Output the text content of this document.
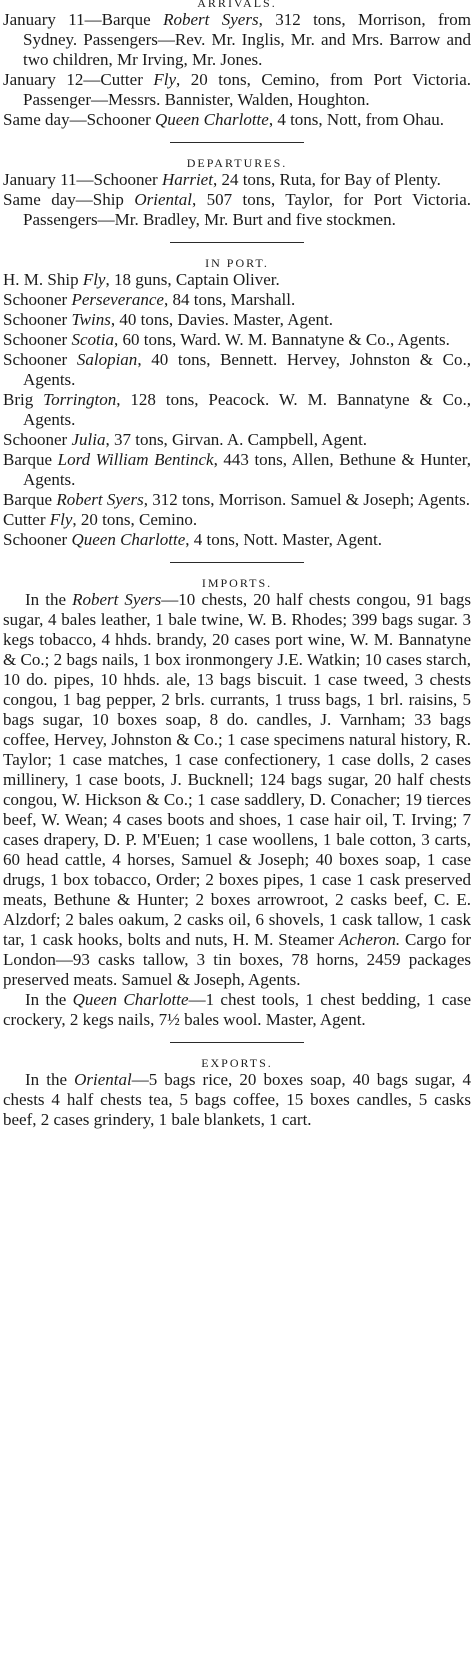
ARRIVALS.

January 11—Barque Robert Syers, 312 tons, Morrison, from Sydney. Passengers—Rev. Mr. Inglis, Mr. and Mrs. Barrow and two children, Mr Irving, Mr. Jones.

January 12—Cutter Fly, 20 tons, Cemino, from Port Victoria. Passenger—Messrs. Bannister, Walden, Houghton.

Same day—Schooner Queen Charlotte, 4 tons, Nott, from Ohau.

DEPARTURES.

January 11—Schooner Harriet, 24 tons, Ruta, for Bay of Plenty.

Same day—Ship Oriental, 507 tons, Taylor, for Port Victoria. Passengers—Mr. Bradley, Mr. Burt and five stockmen.

IN PORT.

H. M. Ship Fly, 18 guns, Captain Oliver.

Schooner Perseverance, 84 tons, Marshall.

Schooner Twins, 40 tons, Davies. Master, Agent.

Schooner Scotia, 60 tons, Ward. W. M. Bannatyne & Co., Agents.

Schooner Salopian, 40 tons, Bennett. Hervey, Johnston & Co., Agents.

Brig Torrington, 128 tons, Peacock. W. M. Bannatyne & Co., Agents.

Schooner Julia, 37 tons, Girvan. A. Campbell, Agent.

Barque Lord William Bentinck, 443 tons, Allen, Bethune & Hunter, Agents.

Barque Robert Syers, 312 tons, Morrison. Samuel & Joseph; Agents.

Cutter Fly, 20 tons, Cemino.

Schooner Queen Charlotte, 4 tons, Nott. Master, Agent.

IMPORTS.

In the Robert Syers—10 chests, 20 half chests congou, 91 bags sugar, 4 bales leather, 1 bale twine, W. B. Rhodes; 399 bags sugar. 3 kegs tobacco, 4 hhds. brandy, 20 cases port wine, W. M. Bannatyne & Co.; 2 bags nails, 1 box ironmongery J.E. Watkin; 10 cases starch, 10 do. pipes, 10 hhds. ale, 13 bags biscuit. 1 case tweed, 3 chests congou, 1 bag pepper, 2 brls. currants, 1 truss bags, 1 brl. raisins, 5 bags sugar, 10 boxes soap, 8 do. candles, J. Varnham; 33 bags coffee, Hervey, Johnston & Co.; 1 case specimens natural history, R. Taylor; 1 case matches, 1 case confectionery, 1 case dolls, 2 cases millinery, 1 case boots, J. Bucknell; 124 bags sugar, 20 half chests congou, W. Hickson & Co.; 1 case saddlery, D. Conacher; 19 tierces beef, W. Wean; 4 cases boots and shoes, 1 case hair oil, T. Irving; 7 cases drapery, D. P. M'Euen; 1 case woollens, 1 bale cotton, 3 carts, 60 head cattle, 4 horses, Samuel & Joseph; 40 boxes soap, 1 case drugs, 1 box tobacco, Order; 2 boxes pipes, 1 case 1 cask preserved meats, Bethune & Hunter; 2 boxes arrowroot, 2 casks beef, C. E. Alzdorf; 2 bales oakum, 2 casks oil, 6 shovels, 1 cask tallow, 1 cask tar, 1 cask hooks, bolts and nuts, H. M. Steamer Acheron. Cargo for London—93 casks tallow, 3 tin boxes, 78 horns, 2459 packages preserved meats. Samuel & Joseph, Agents.

In the Queen Charlotte—1 chest tools, 1 chest bedding, 1 case crockery, 2 kegs nails, 7½ bales wool. Master, Agent.

EXPORTS.

In the Oriental—5 bags rice, 20 boxes soap, 40 bags sugar, 4 chests 4 half chests tea, 5 bags coffee, 15 boxes candles, 5 casks beef, 2 cases grindery, 1 bale blankets, 1 cart.
